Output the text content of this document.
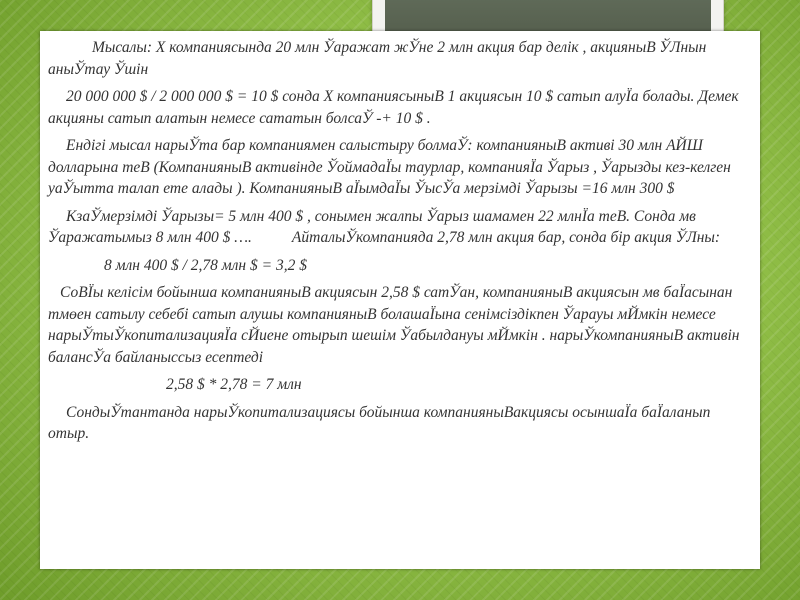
Мысалы: Х компаниясында 20 млн Ўаражат жЎне 2 млн акция бар делік , акцияныВ ЎЛнын аныЎтау Ўшін

20 000 000 $ / 2 000 000 $ = 10 $ сонда Х компаниясыныВ 1 акциясын 10 $ сатып алуЇа болады. Демек акцияны сатып алатын немесе сататын болсаЎ -+ 10 $ .

Ендігі мысал нарыЎта бар компаниямен салыстыру болмаЎ: компанияныВ активі 30 млн АЙШ долларына теВ (КомпанияныВ активінде ЎоймадаЇы таурлар, компанияЇа Ўарыз , Ўарызды кез-келген уаЎытта талап ете алады ). КомпанияныВ аЇымдаЇы ЎысЎа мерзімді Ўарызы =16 млн 300 $

КзаЎмерзімді Ўарызы= 5 млн 400 $ , сонымен жалпы Ўарыз шамамен 22 млнЇа теВ. Сонда мв Ўаражатымыз 8 млн 400 $ ….	АйталыЎкомпанияда 2,78 млн акция бар, сонда бір акция ЎЛны:

8 млн 400 $ / 2,78 млн $ = 3,2 $

СоВЇы келісім бойынша компанияныВ акциясын 2,58 $ сатЎан, компанияныВ акциясын мв баЇасынан тмөен сатылу себебі сатып алушы компанияныВ болашаЇына сенімсіздікпен Ўарауы мЙмкін немесе нарыЎтыЎкопитализацияЇа сЙиене отырып шешім Ўабылдануы мЙмкін . нарыЎкомпанияныВ активін балансЎа байланыссыз есептеді

2,58 $ * 2,78 = 7 млн

СондыЎтантанда нарыЎкопитализациясы бойынша компанияныВакциясы осыншаЇа баЇаланып отыр.
